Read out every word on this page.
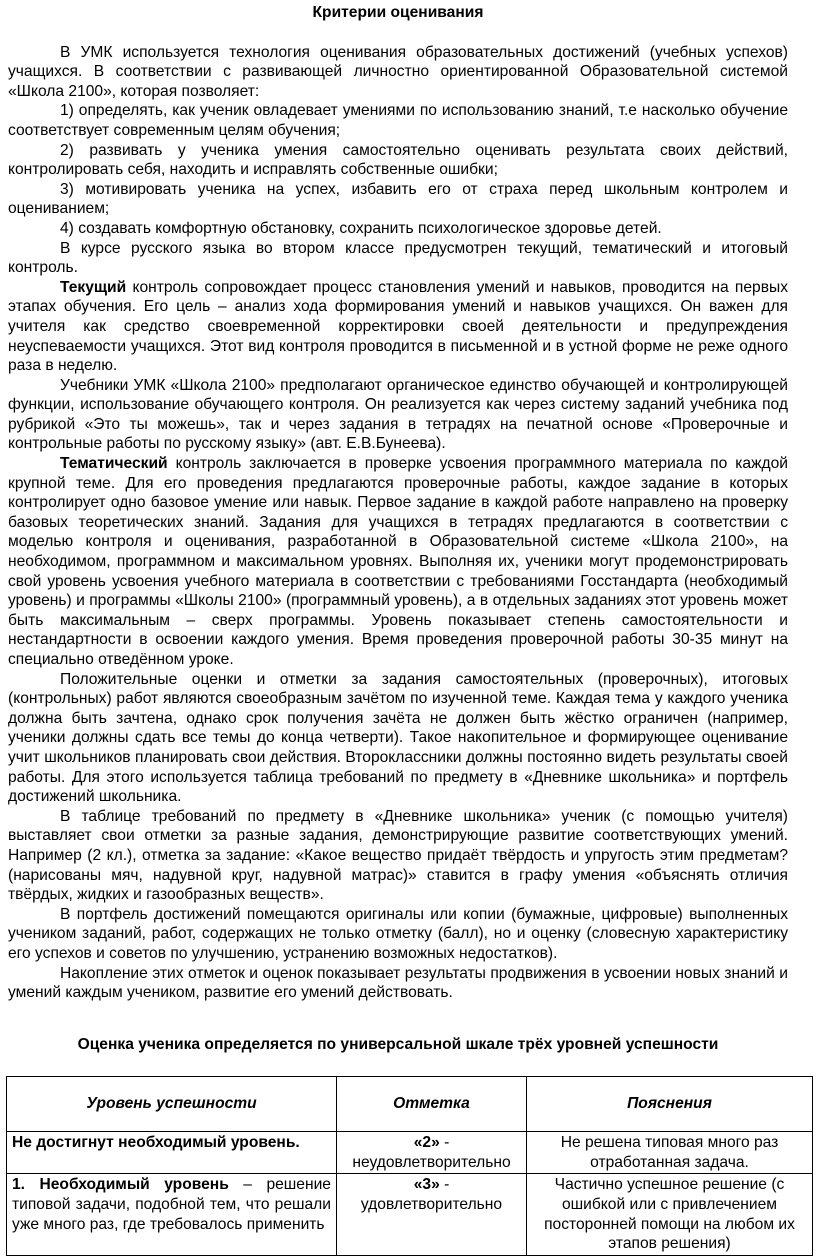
Критерии оценивания

В УМК используется технология оценивания образовательных достижений (учебных успехов) учащихся. В соответствии с развивающей личностно ориентированной Образовательной системой «Школа 2100», которая позволяет:

1) определять, как ученик овладевает умениями по использованию знаний, т.е насколько обучение соответствует современным целям обучения;

2) развивать у ученика умения самостоятельно оценивать результата своих действий, контролировать себя, находить и исправлять собственные ошибки;

3) мотивировать ученика на успех, избавить его от страха перед школьным контролем и оцениванием;

4) создавать комфортную обстановку, сохранить психологическое здоровье детей.

В курсе русского языка во втором классе предусмотрен текущий, тематический и итоговый контроль.

Текущий контроль сопровождает процесс становления умений и навыков, проводится на первых этапах обучения. Его цель – анализ хода формирования умений и навыков учащихся. Он важен для учителя как средство своевременной корректировки своей деятельности и предупреждения неуспеваемости учащихся. Этот вид контроля проводится в письменной и в устной форме не реже одного раза в неделю.

Учебники УМК «Школа 2100» предполагают органическое единство обучающей и контролирующей функции, использование обучающего контроля. Он реализуется как через систему заданий учебника под рубрикой «Это ты можешь», так и через задания в тетрадях на печатной основе «Проверочные и контрольные работы по русскому языку» (авт. Е.В.Бунеева).

Тематический контроль заключается в проверке усвоения программного материала по каждой крупной теме. Для его проведения предлагаются проверочные работы, каждое задание в которых контролирует одно базовое умение или навык. Первое задание в каждой работе направлено на проверку базовых теоретических знаний. Задания для учащихся в тетрадях предлагаются в соответствии с моделью контроля и оценивания, разработанной в Образовательной системе «Школа 2100», на необходимом, программном и максимальном уровнях. Выполняя их, ученики могут продемонстрировать свой уровень усвоения учебного материала в соответствии с требованиями Госстандарта (необходимый уровень) и программы «Школы 2100» (программный уровень), а в отдельных заданиях этот уровень может быть максимальным – сверх программы. Уровень показывает степень самостоятельности и нестандартности в освоении каждого умения. Время проведения проверочной работы 30-35 минут на специально отведённом уроке.

Положительные оценки и отметки за задания самостоятельных (проверочных), итоговых (контрольных) работ являются своеобразным зачётом по изученной теме. Каждая тема у каждого ученика должна быть зачтена, однако срок получения зачёта не должен быть жёстко ограничен (например, ученики должны сдать все темы до конца четверти). Такое накопительное и формирующее оценивание учит школьников планировать свои действия. Второклассники должны постоянно видеть результаты своей работы. Для этого используется таблица требований по предмету в «Дневнике школьника» и портфель достижений школьника.

В таблице требований по предмету в «Дневнике школьника» ученик (с помощью учителя) выставляет свои отметки за разные задания, демонстрирующие развитие соответствующих умений. Например (2 кл.), отметка за задание: «Какое вещество придаёт твёрдость и упругость этим предметам? (нарисованы мяч, надувной круг, надувной матрас)» ставится в графу умения «объяснять отличия твёрдых, жидких и газообразных веществ».

В портфель достижений помещаются оригиналы или копии (бумажные, цифровые) выполненных учеником заданий, работ, содержащих не только отметку (балл), но и оценку (словесную характеристику его успехов и советов по улучшению, устранению возможных недостатков).

Накопление этих отметок и оценок показывает результаты продвижения в усвоении новых знаний и умений каждым учеником, развитие его умений действовать.

Оценка ученика определяется по универсальной шкале трёх уровней успешности

Уровень успешности	Отметка	Пояснения
Не достигнут необходимый уровень.	«2» - неудовлетворительно	Не решена типовая много раз отработанная задача.
1. Необходимый уровень – решение типовой задачи, подобной тем, что решали уже много раз, где требовалось применить	«3» - удовлетворительно	Частично успешное решение (с ошибкой или с привлечением посторонней помощи на любом их этапов решения)
